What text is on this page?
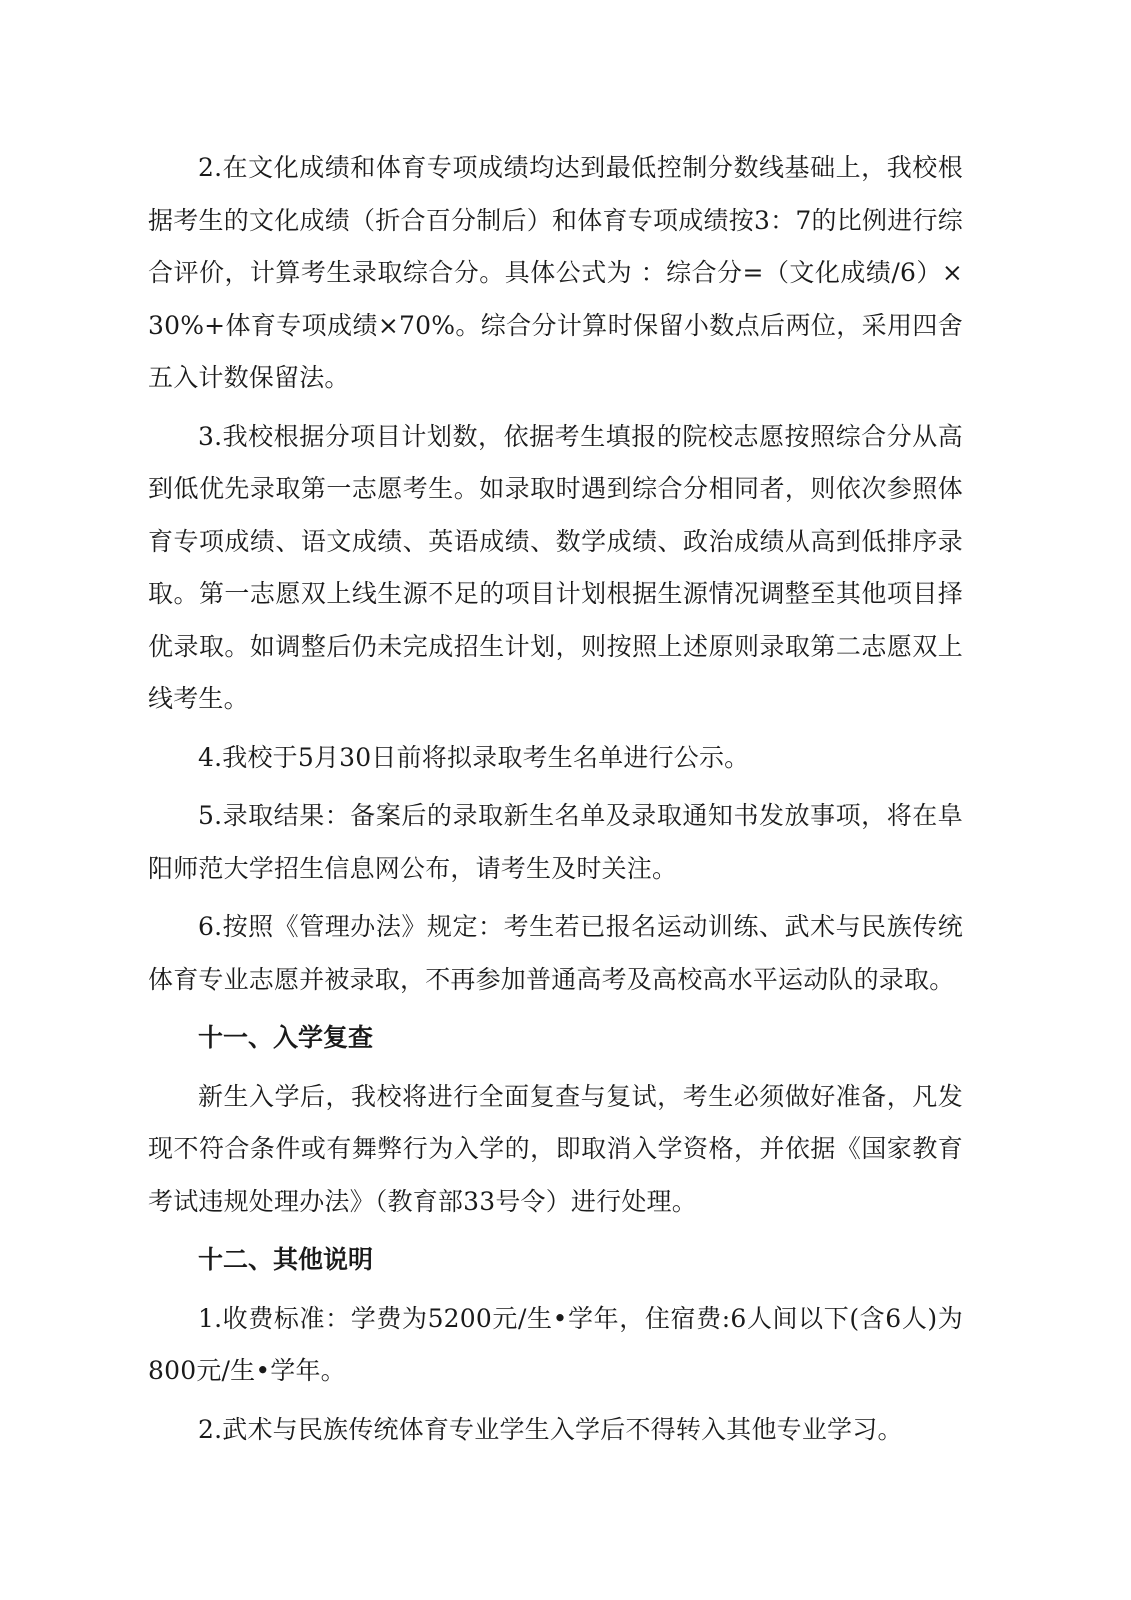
2.在文化成绩和体育专项成绩均达到最低控制分数线基础上，我校根据考生的文化成绩（折合百分制后）和体育专项成绩按3：7的比例进行综合评价，计算考生录取综合分。具体公式为 ：综合分=（文化成绩/6）×30%+体育专项成绩×70%。综合分计算时保留小数点后两位，采用四舍五入计数保留法。

3.我校根据分项目计划数，依据考生填报的院校志愿按照综合分从高到低优先录取第一志愿考生。如录取时遇到综合分相同者，则依次参照体育专项成绩、语文成绩、英语成绩、数学成绩、政治成绩从高到低排序录取。第一志愿双上线生源不足的项目计划根据生源情况调整至其他项目择优录取。如调整后仍未完成招生计划，则按照上述原则录取第二志愿双上线考生。

4.我校于5月30日前将拟录取考生名单进行公示。

5.录取结果：备案后的录取新生名单及录取通知书发放事项，将在阜阳师范大学招生信息网公布，请考生及时关注。

6.按照《管理办法》规定：考生若已报名运动训练、武术与民族传统体育专业志愿并被录取，不再参加普通高考及高校高水平运动队的录取。

十一、入学复查

新生入学后，我校将进行全面复查与复试，考生必须做好准备，凡发现不符合条件或有舞弊行为入学的，即取消入学资格，并依据《国家教育考试违规处理办法》（教育部33号令）进行处理。

十二、其他说明

1.收费标准：学费为5200元/生•学年，住宿费:6人间以下(含6人)为800元/生•学年。

2.武术与民族传统体育专业学生入学后不得转入其他专业学习。
